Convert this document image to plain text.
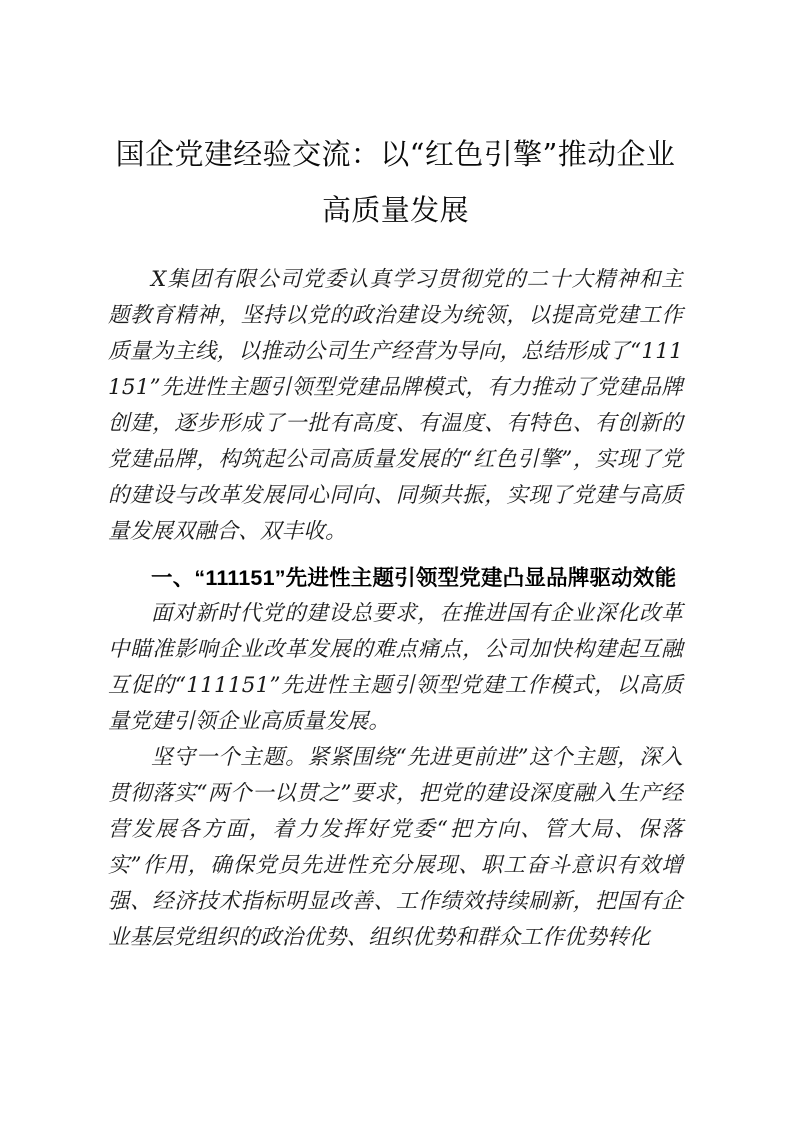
国企党建经验交流：以“红色引擎”推动企业
高质量发展

X集团有限公司党委认真学习贯彻党的二十大精神和主题教育精神，坚持以党的政治建设为统领，以提高党建工作质量为主线，以推动公司生产经营为导向，总结形成了“111151”先进性主题引领型党建品牌模式，有力推动了党建品牌创建，逐步形成了一批有高度、有温度、有特色、有创新的党建品牌，构筑起公司高质量发展的“红色引擎”，实现了党的建设与改革发展同心同向、同频共振，实现了党建与高质量发展双融合、双丰收。

一、“111151”先进性主题引领型党建凸显品牌驱动效能

面对新时代党的建设总要求，在推进国有企业深化改革中瞄准影响企业改革发展的难点痛点，公司加快构建起互融互促的“111151”先进性主题引领型党建工作模式，以高质量党建引领企业高质量发展。

坚守一个主题。紧紧围绕“先进更前进”这个主题，深入贯彻落实“两个一以贯之”要求，把党的建设深度融入生产经营发展各方面，着力发挥好党委“把方向、管大局、保落实”作用，确保党员先进性充分展现、职工奋斗意识有效增强、经济技术指标明显改善、工作绩效持续刷新，把国有企业基层党组织的政治优势、组织优势和群众工作优势转化
